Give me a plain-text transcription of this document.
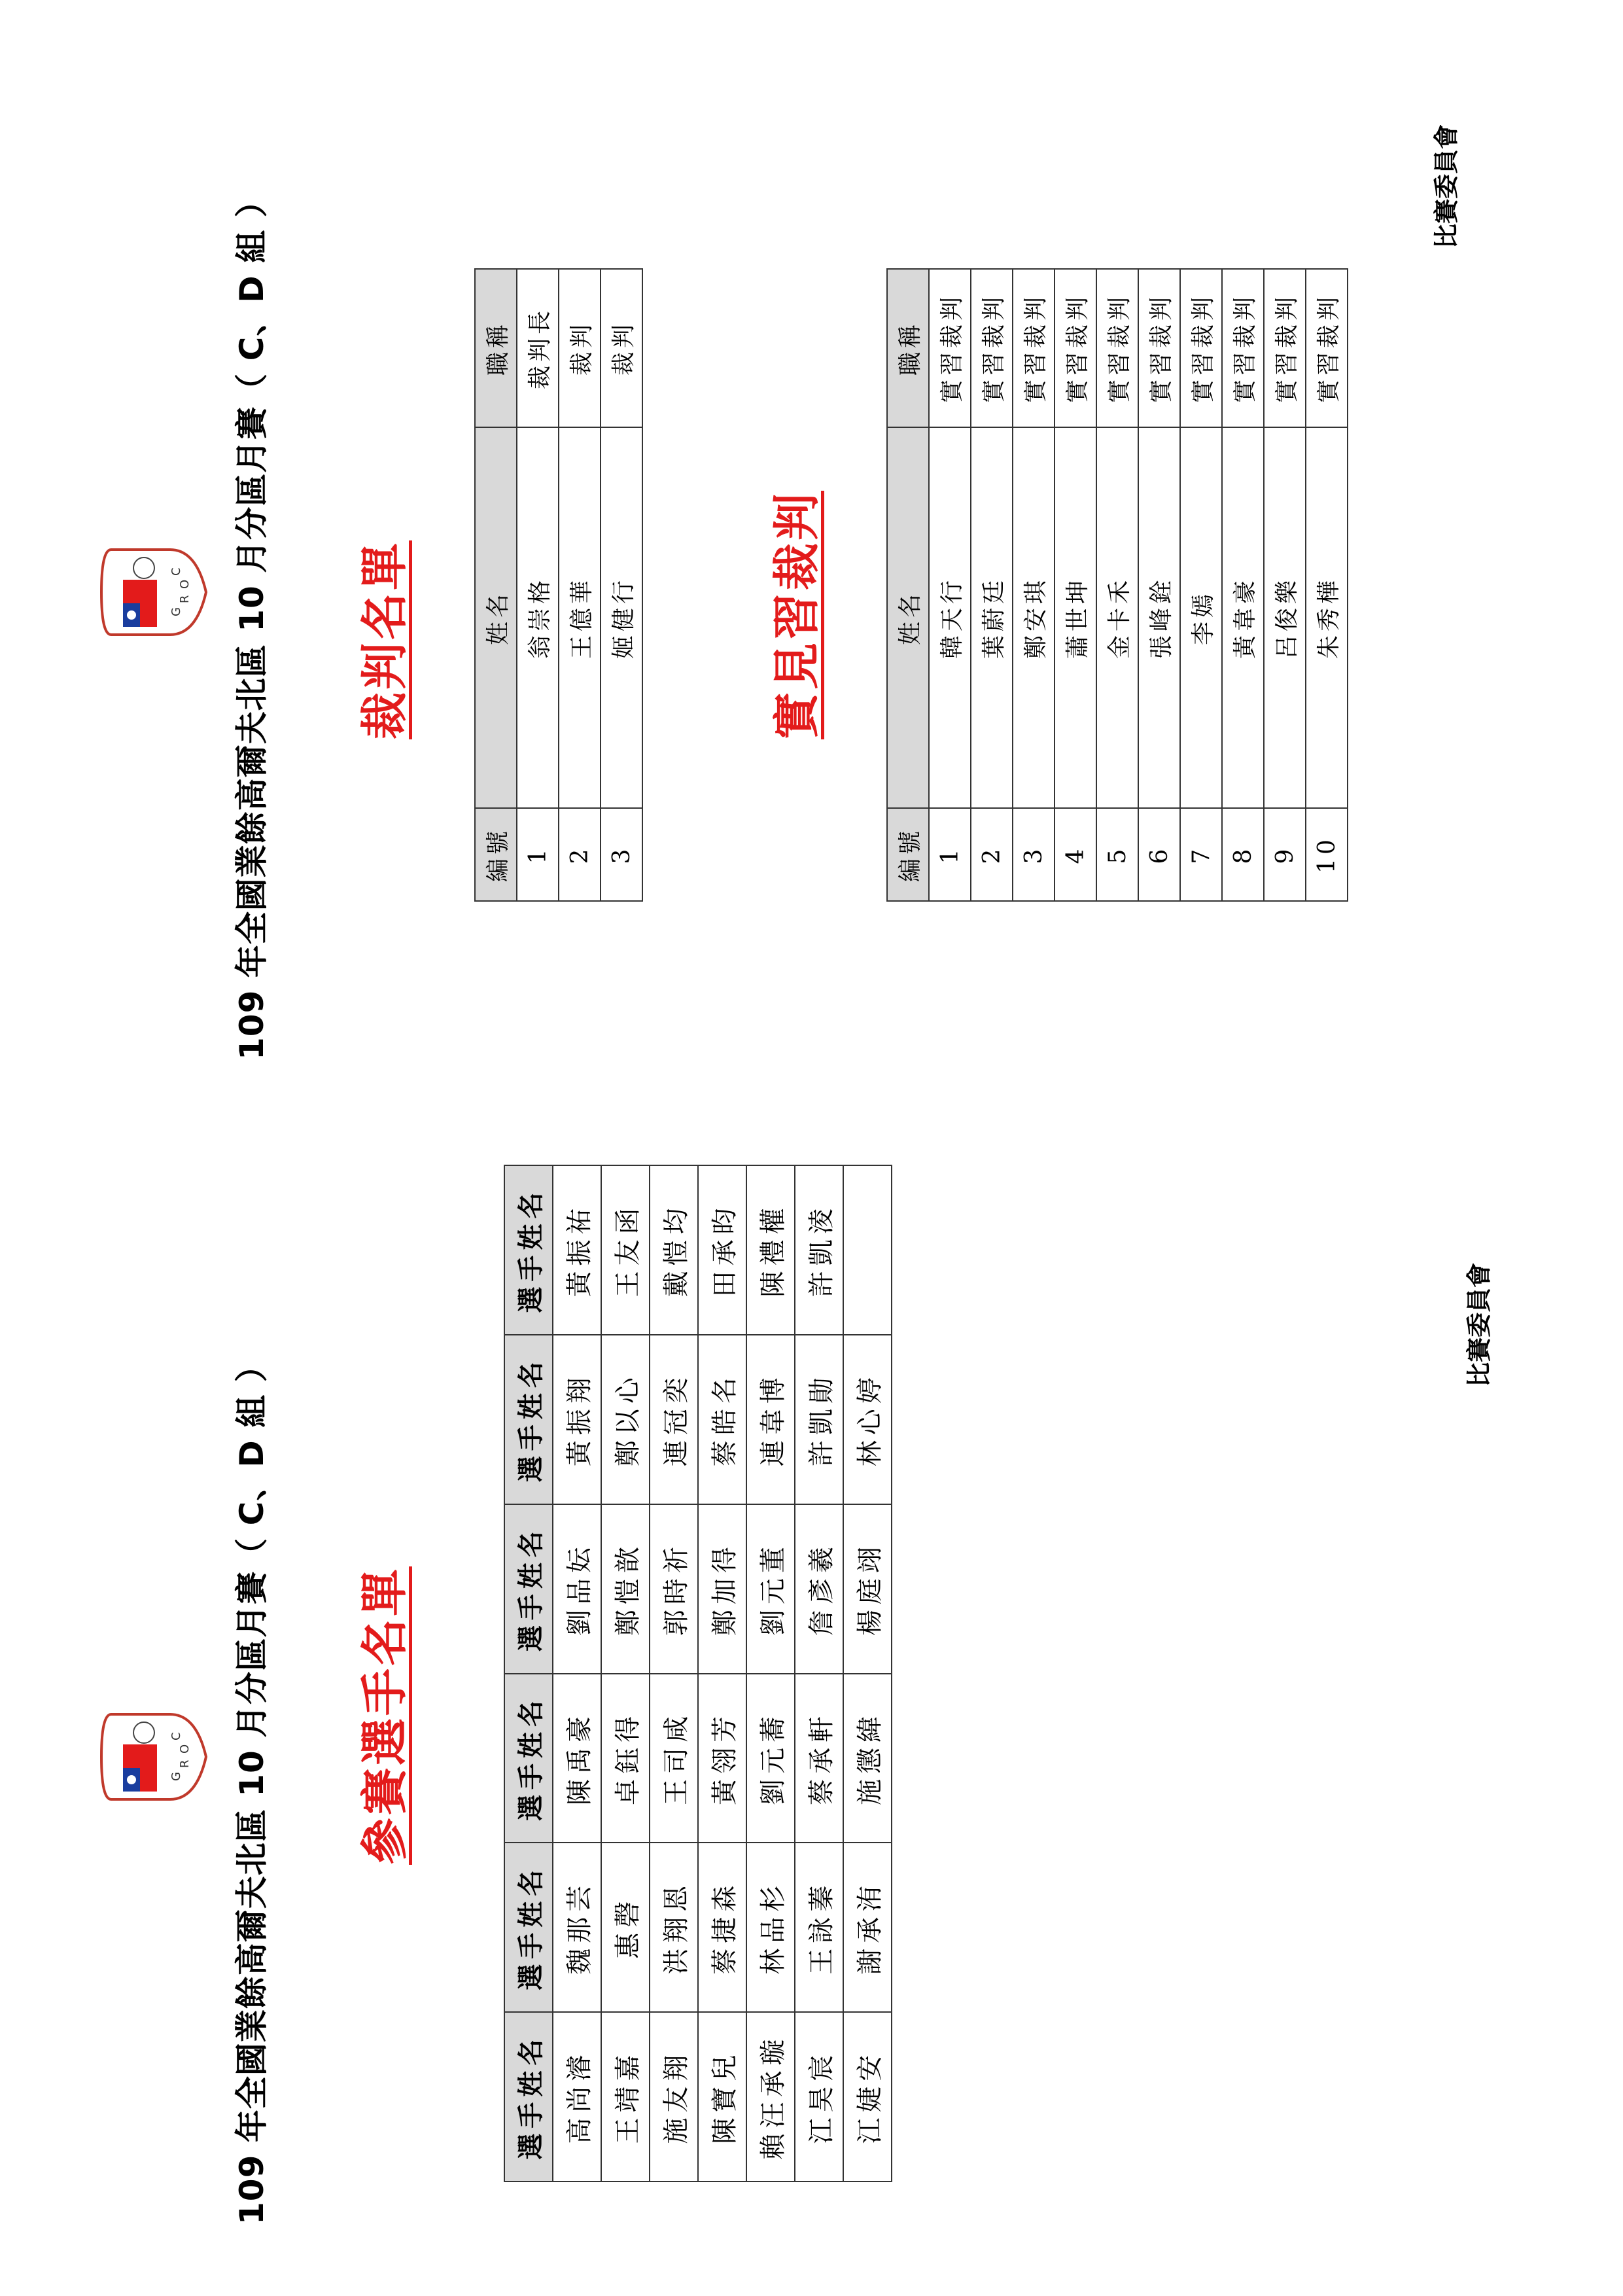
G
R
O
C 109 年全國業餘高爾夫北區 10 月分區月賽（ C、D 組 ） 裁判名單
編號	姓名	職稱
1	翁崇格	裁判長
2	王億華	裁判
3	姬健行	裁判
實見習裁判
編號	姓名	職稱
1	韓天行	實習裁判
2	葉蔚廷	實習裁判
3	鄭安琪	實習裁判
4	蕭世坤	實習裁判
5	金卡禾	實習裁判
6	張峰銓	實習裁判
7	李嫣	實習裁判
8	黃韋豪	實習裁判
9	呂俊樂	實習裁判
10	朱秀樺	實習裁判
比賽委員會
G
R
O
C 109 年全國業餘高爾夫北區 10 月分區月賽（ C、D 組 ） 參賽選手名單
選手姓名	選手姓名	選手姓名	選手姓名	選手姓名	選手姓名
高尚濬	魏那芸	陳禹豪	劉品妘	黃振翔	黃振祐
王靖嘉	惠磬	卓鈺得	鄭愷歆	鄭以心	王友函
施友翔	洪翔恩	王司咸	郭時祈	連冠奕	戴愷均
陳寶兒	蔡捷森	黃翎芳	鄭加得	蔡皓名	田承昀
賴汪承璇	林品杉	劉元蕎	劉元董	連韋博	陳禮權
江昊宸	王詠蓁	蔡承軒	詹彥羲	許凱勛	許凱淩
江婕安	謝承洧	施懲緯	楊庭翊	林心婷	
比賽委員會
